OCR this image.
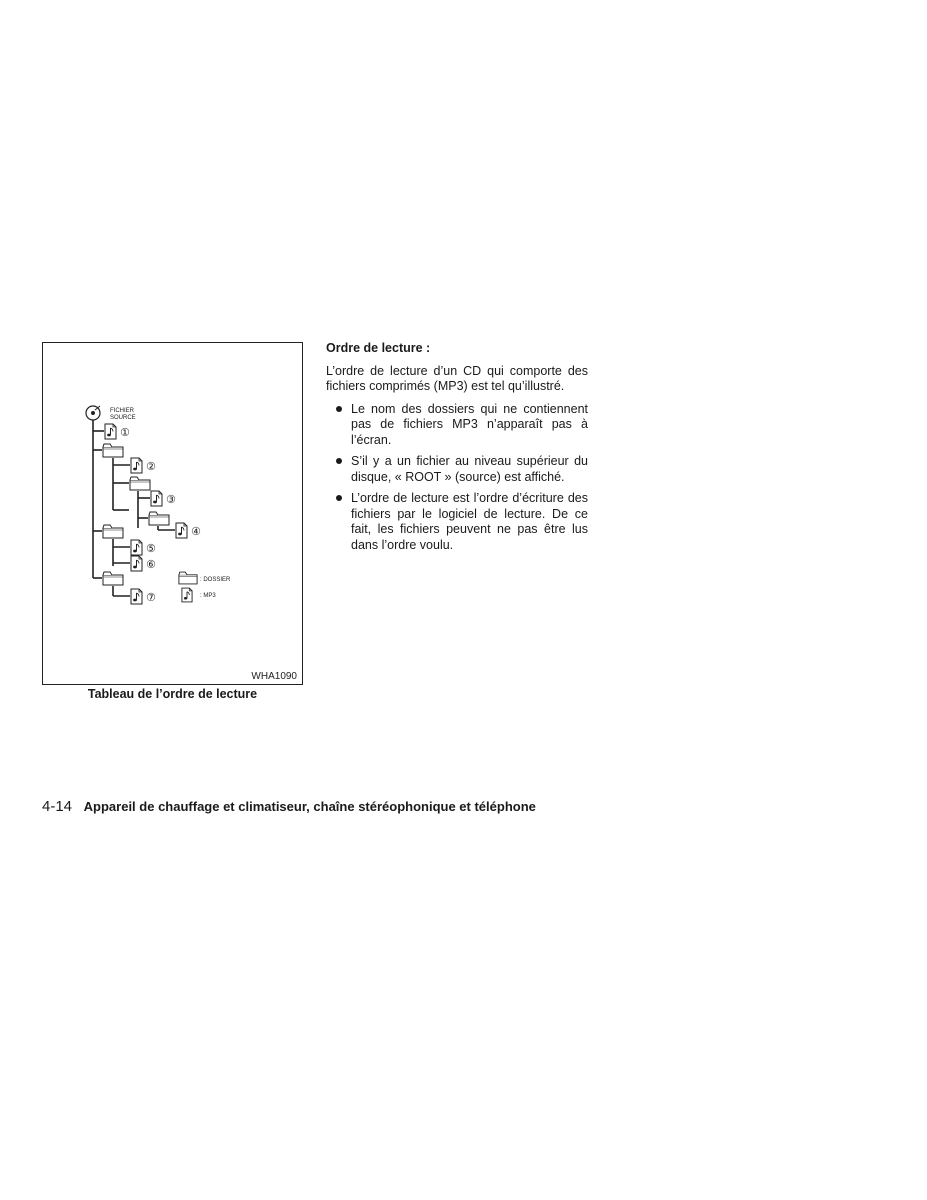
FICHIER
SOURCE
①
②
③
④
⑤
⑥
⑦
: DOSSIER
: MP3
WHA1090
Tableau de l’ordre de lecture

Ordre de lecture :

L’ordre de lecture d’un CD qui comporte des fichiers comprimés (MP3) est tel qu’illustré.

Le nom des dossiers qui ne contiennent pas de fichiers MP3 n’apparaît pas à l’écran.
S’il y a un fichier au niveau supérieur du disque, « ROOT » (source) est affiché.
L’ordre de lecture est l’ordre d’écriture des fichiers par le logiciel de lecture. De ce fait, les fichiers peuvent ne pas être lus dans l’ordre voulu.
4-14 Appareil de chauffage et climatiseur, chaîne stéréophonique et téléphone
